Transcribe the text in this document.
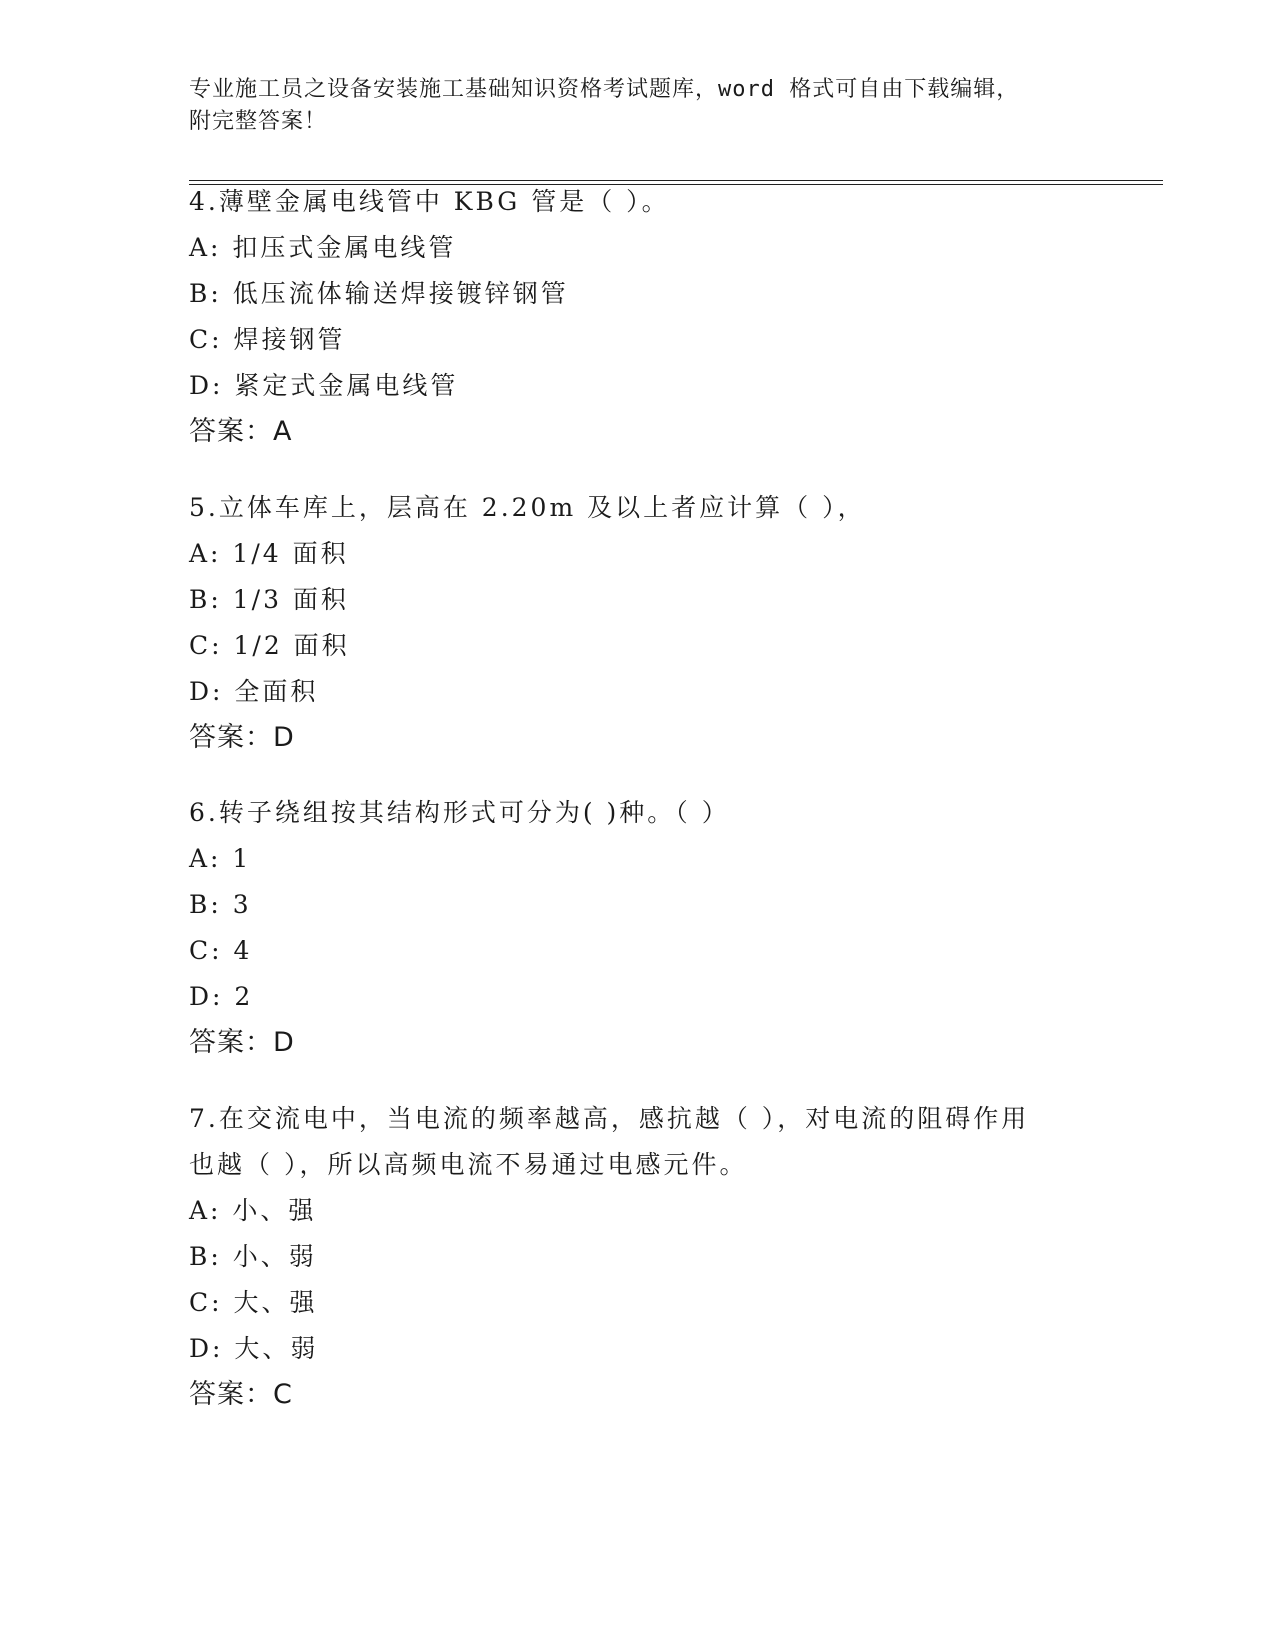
专业施工员之设备安装施工基础知识资格考试题库，word 格式可自由下载编辑，
附完整答案！
4.薄壁金属电线管中 KBG 管是（ ）。
A: 扣压式金属电线管
B: 低压流体输送焊接镀锌钢管
C: 焊接钢管
D: 紧定式金属电线管
答案：A
5.立体车库上，层高在 2.20m 及以上者应计算（ ），
A: 1/4 面积
B: 1/3 面积
C: 1/2 面积
D: 全面积
答案：D
6.转子绕组按其结构形式可分为( )种。（ ）
A: 1
B: 3
C: 4
D: 2
答案：D
7.在交流电中，当电流的频率越高，感抗越（ ），对电流的阻碍作用
也越（ ），所以高频电流不易通过电感元件。
A: 小、强
B: 小、弱
C: 大、强
D: 大、弱
答案：C
